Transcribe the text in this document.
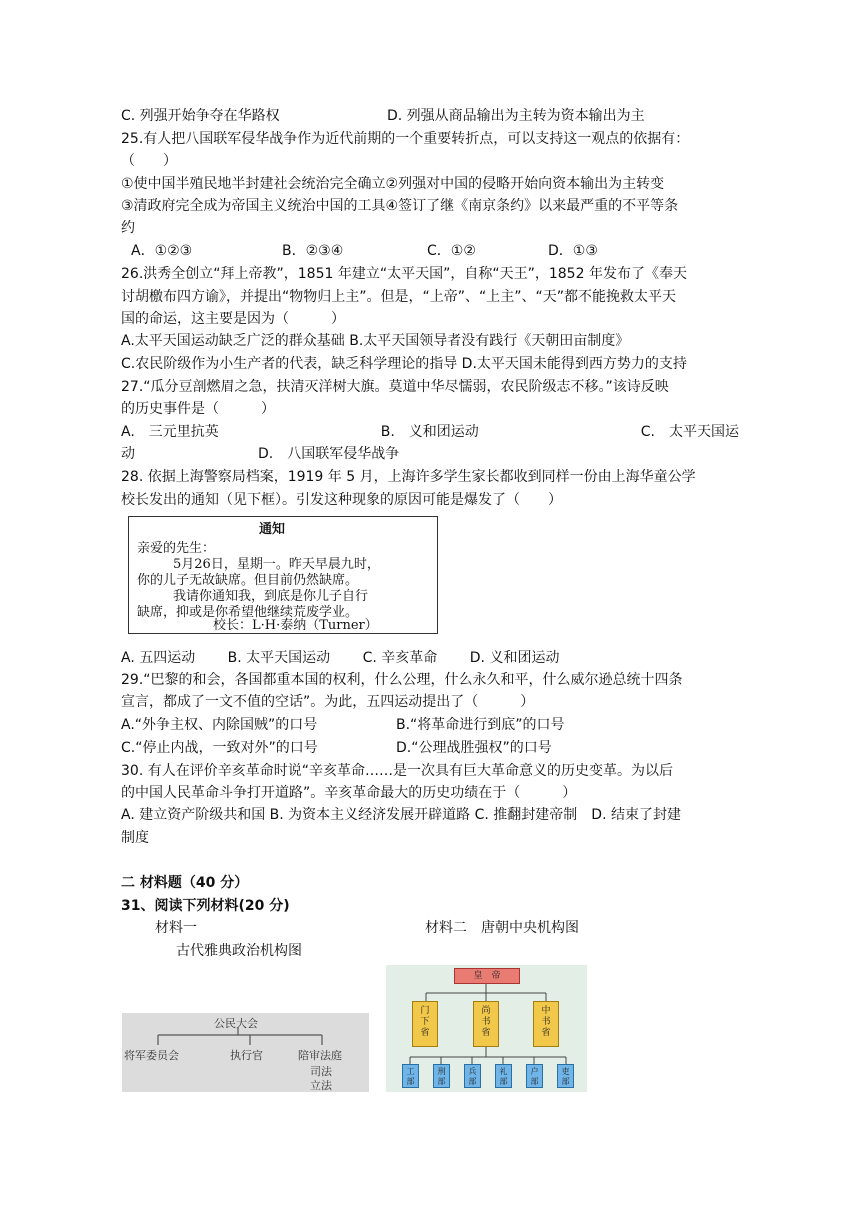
C. 列强开始争夺在华路权	D. 列强从商品输出为主转为资本输出为主
25.有人把八国联军侵华战争作为近代前期的一个重要转折点，可以支持这一观点的依据有：
（　　）
①使中国半殖民地半封建社会统治完全确立②列强对中国的侵略开始向资本输出为主转变
③清政府完全成为帝国主义统治中国的工具④签订了继《南京条约》以来最严重的不平等条
约
A．①②③	B．②③④	C．①②	D．①③
26.洪秀全创立“拜上帝教”，1851 年建立“太平天国”，自称“天王”，1852 年发布了《奉天
讨胡檄布四方谕》，并提出“物物归上主”。但是，“上帝”、“上主”、“天”都不能挽救太平天
国的命运，这主要是因为（　　　）
A.太平天国运动缺乏广泛的群众基础 B.太平天国领导者没有践行《天朝田亩制度》
C.农民阶级作为小生产者的代表，缺乏科学理论的指导 D.太平天国未能得到西方势力的支持
27.“瓜分豆剖燃眉之急，扶清灭洋树大旗。莫道中华尽懦弱，农民阶级志不移。”该诗反映
的历史事件是（　　　）
A.　三元里抗英	B.　义和团运动	C.　太平天国运
动	D.　八国联军侵华战争
28. 依据上海警察局档案，1919 年 5 月，上海许多学生家长都收到同样一份由上海华童公学
校长发出的通知（见下框）。引发这种现象的原因可能是爆发了（　　）
通知
亲爱的先生：
5月26日，星期一。昨天早晨九时，
你的儿子无故缺席。但目前仍然缺席。
我请你通知我，到底是你儿子自行
缺席，抑或是你希望他继续荒废学业。
校长：L·H·泰纳（Turner）
A. 五四运动　　 B. 太平天国运动　　 C. 辛亥革命　　 D. 义和团运动
29.“巴黎的和会，各国都重本国的权利，什么公理，什么永久和平，什么威尔逊总统十四条
宣言，都成了一文不值的空话”。为此，五四运动提出了（　　　）
A.“外争主权、内除国贼”的口号	B.“将革命进行到底”的口号
C.“停止内战，一致对外”的口号	D.“公理战胜强权”的口号
30. 有人在评价辛亥革命时说“辛亥革命……是一次具有巨大革命意义的历史变革。为以后
的中国人民革命斗争打开道路”。辛亥革命最大的历史功绩在于（　　　）
A. 建立资产阶级共和国 B. 为资本主义经济发展开辟道路 C. 推翻封建帝制　D. 结束了封建
制度
二 材料题（40 分）
31、阅读下列材料(20 分)
材料一	材料二　唐朝中央机构图
古代雅典政治机构图
公民大会
将军委员会	执行官	陪审法庭
司法
立法
皇　帝
门
下
省
尚
书
省
中
书
省
工
部
刑
部
兵
部
礼
部
户
部
吏
部
